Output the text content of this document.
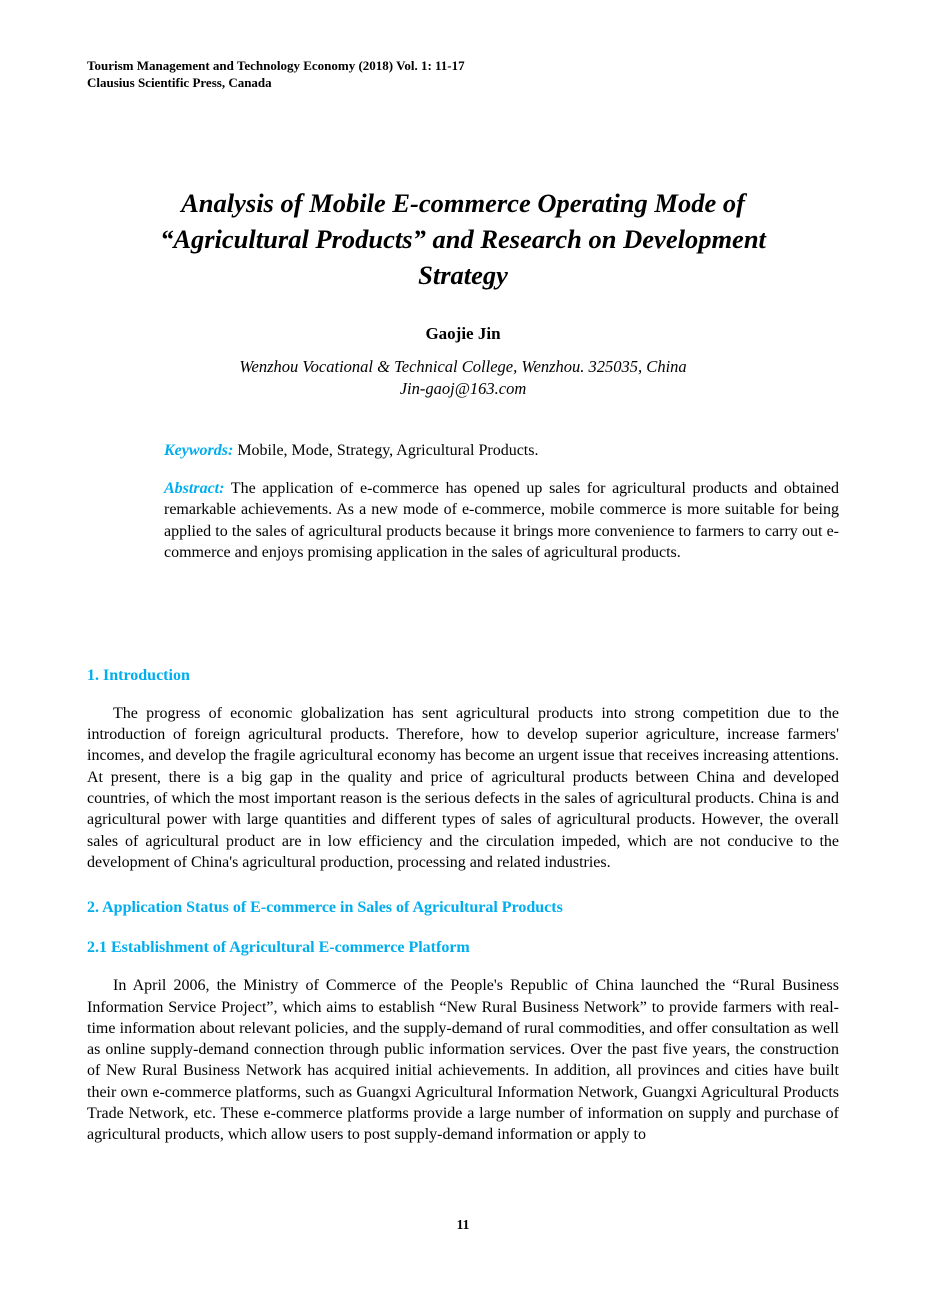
Tourism Management and Technology Economy (2018) Vol. 1: 11-17
Clausius Scientific Press, Canada
Analysis of Mobile E-commerce Operating Mode of
“Agricultural Products” and Research on Development
Strategy
Gaojie Jin
Wenzhou Vocational & Technical College, Wenzhou. 325035, China
Jin-gaoj@163.com

Keywords: Mobile, Mode, Strategy, Agricultural Products.

Abstract: The application of e-commerce has opened up sales for agricultural products and obtained remarkable achievements. As a new mode of e-commerce, mobile commerce is more suitable for being applied to the sales of agricultural products because it brings more convenience to farmers to carry out e-commerce and enjoys promising application in the sales of agricultural products.

1. Introduction

The progress of economic globalization has sent agricultural products into strong competition due to the introduction of foreign agricultural products. Therefore, how to develop superior agriculture, increase farmers' incomes, and develop the fragile agricultural economy has become an urgent issue that receives increasing attentions. At present, there is a big gap in the quality and price of agricultural products between China and developed countries, of which the most important reason is the serious defects in the sales of agricultural products. China is and agricultural power with large quantities and different types of sales of agricultural products. However, the overall sales of agricultural product are in low efficiency and the circulation impeded, which are not conducive to the development of China's agricultural production, processing and related industries.

2. Application Status of E-commerce in Sales of Agricultural Products
2.1 Establishment of Agricultural E-commerce Platform

In April 2006, the Ministry of Commerce of the People's Republic of China launched the “Rural Business Information Service Project”, which aims to establish “New Rural Business Network” to provide farmers with real-time information about relevant policies, and the supply-demand of rural commodities, and offer consultation as well as online supply-demand connection through public information services. Over the past five years, the construction of New Rural Business Network has acquired initial achievements. In addition, all provinces and cities have built their own e-commerce platforms, such as Guangxi Agricultural Information Network, Guangxi Agricultural Products Trade Network, etc. These e-commerce platforms provide a large number of information on supply and purchase of agricultural products, which allow users to post supply-demand information or apply to

11
